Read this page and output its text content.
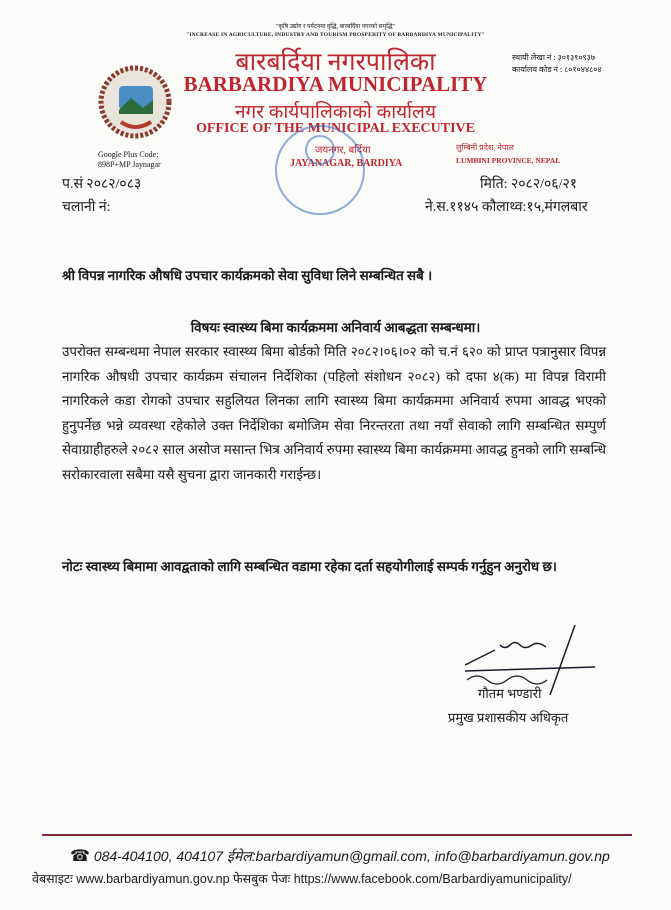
"कृषि उद्योग र पर्यटनमा वृद्धि, बारबर्दिया नगरको समृद्धि"
"INCREASE IN AGRICULTURE, INDUSTRY AND TOURISM PROSPERITY OF BARBARDIYA MUNICIPALITY"
बारबर्दिया नगरपालिका
BARBARDIYA MUNICIPALITY
नगर कार्यपालिकाको कार्यालय
OFFICE OF THE MUNICIPAL EXECUTIVE
स्थायी लेखा नं : ३०१३१०९३७
कार्यालय कोड नं : ८०१०४४८०४
Google Plus Code:
898P+MP Jaynagar
जयनगर, बर्दिया
JAYANAGAR, BARDIYA
लुम्बिनी प्रदेश, नेपाल
LUMBINI PROVINCE, NEPAL
प.सं २०८२/०८३
चलानी नं:
मिति: २०८२/०६/२१
ने.स.११४५ कौलाथ्व:१५,मंगलबार
श्री विपन्न नागरिक औषधि उपचार कार्यक्रमको सेवा सुविधा लिने सम्बन्धित सबै ।
विषयः स्वास्थ्य बिमा कार्यक्रममा अनिवार्य आबद्धता सम्बन्धमा।
उपरोक्त सम्बन्धमा नेपाल सरकार स्वास्थ्य बिमा बोर्डको मिति २०८२।०६।०२ को च.नं ६२० को प्राप्त पत्रानुसार विपन्न नागरिक औषधी उपचार कार्यक्रम संचालन निर्देशिका (पहिलो संशोधन २०८२) को दफा ४(क) मा विपन्न विरामी नागरिकले कडा रोगको उपचार सहुलियत लिनका लागि स्वास्थ्य बिमा कार्यक्रममा अनिवार्य रुपमा आवद्ध भएको हुनुपर्नेछ भन्ने व्यवस्था रहेकोले उक्त निर्देशिका बमोजिम सेवा निरन्तरता तथा नयाँ सेवाको लागि सम्बन्धित सम्पुर्ण सेवाग्राहीहरुले २०८२ साल असोज मसान्त भित्र अनिवार्य रुपमा स्वास्थ्य बिमा कार्यक्रममा आवद्ध हुनको लागि सम्बन्धि सरोकारवाला सबैमा यसै सुचना द्वारा जानकारी गराईन्छ।
नोटः स्वास्थ्य बिमामा आवद्वताको लागि सम्बन्धित वडामा रहेका दर्ता सहयोगीलाई सम्पर्क गर्नुहुन अनुरोध छ।
गौतम भण्डारी
प्रमुख प्रशासकीय अधिकृत
☎ 084-404100, 404107 ईमेल:barbardiyamun@gmail.com, info@barbardiyamun.gov.np
वेबसाइटः www.barbardiyamun.gov.np फेसबुक पेजः https://www.facebook.com/Barbardiyamunicipality/
